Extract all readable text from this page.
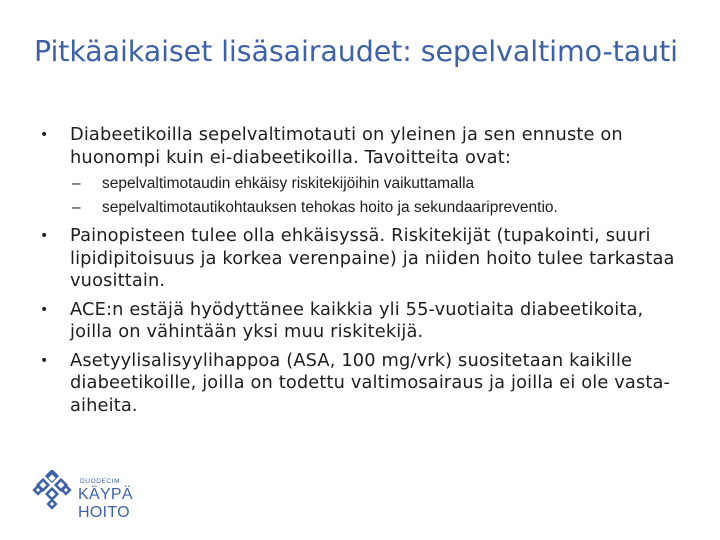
Pitkäaikaiset lisäsairaudet: sepelvaltimo-tauti
•	Diabeetikoilla sepelvaltimotauti on yleinen ja sen ennuste on huonompi kuin ei-diabeetikoilla. Tavoitteita ovat:
–	sepelvaltimotaudin ehkäisy riskitekijöihin vaikuttamalla
–	sepelvaltimotautikohtauksen tehokas hoito ja sekundaaripreventio.
•	Painopisteen tulee olla ehkäisyssä. Riskitekijät (tupakointi, suuri lipidipitoisuus ja korkea verenpaine) ja niiden hoito tulee tarkastaa vuosittain.
•	ACE:n estäjä hyödyttänee kaikkia yli 55-vuotiaita diabeetikoita, joilla on vähintään yksi muu riskitekijä.
•	Asetyylisalisyylihappoa (ASA, 100 mg/vrk) suositetaan kaikille diabeetikoille, joilla on todettu valtimosairaus ja joilla ei ole vasta-aiheita.
DUODECIM
KÄYPÄ HOITO
